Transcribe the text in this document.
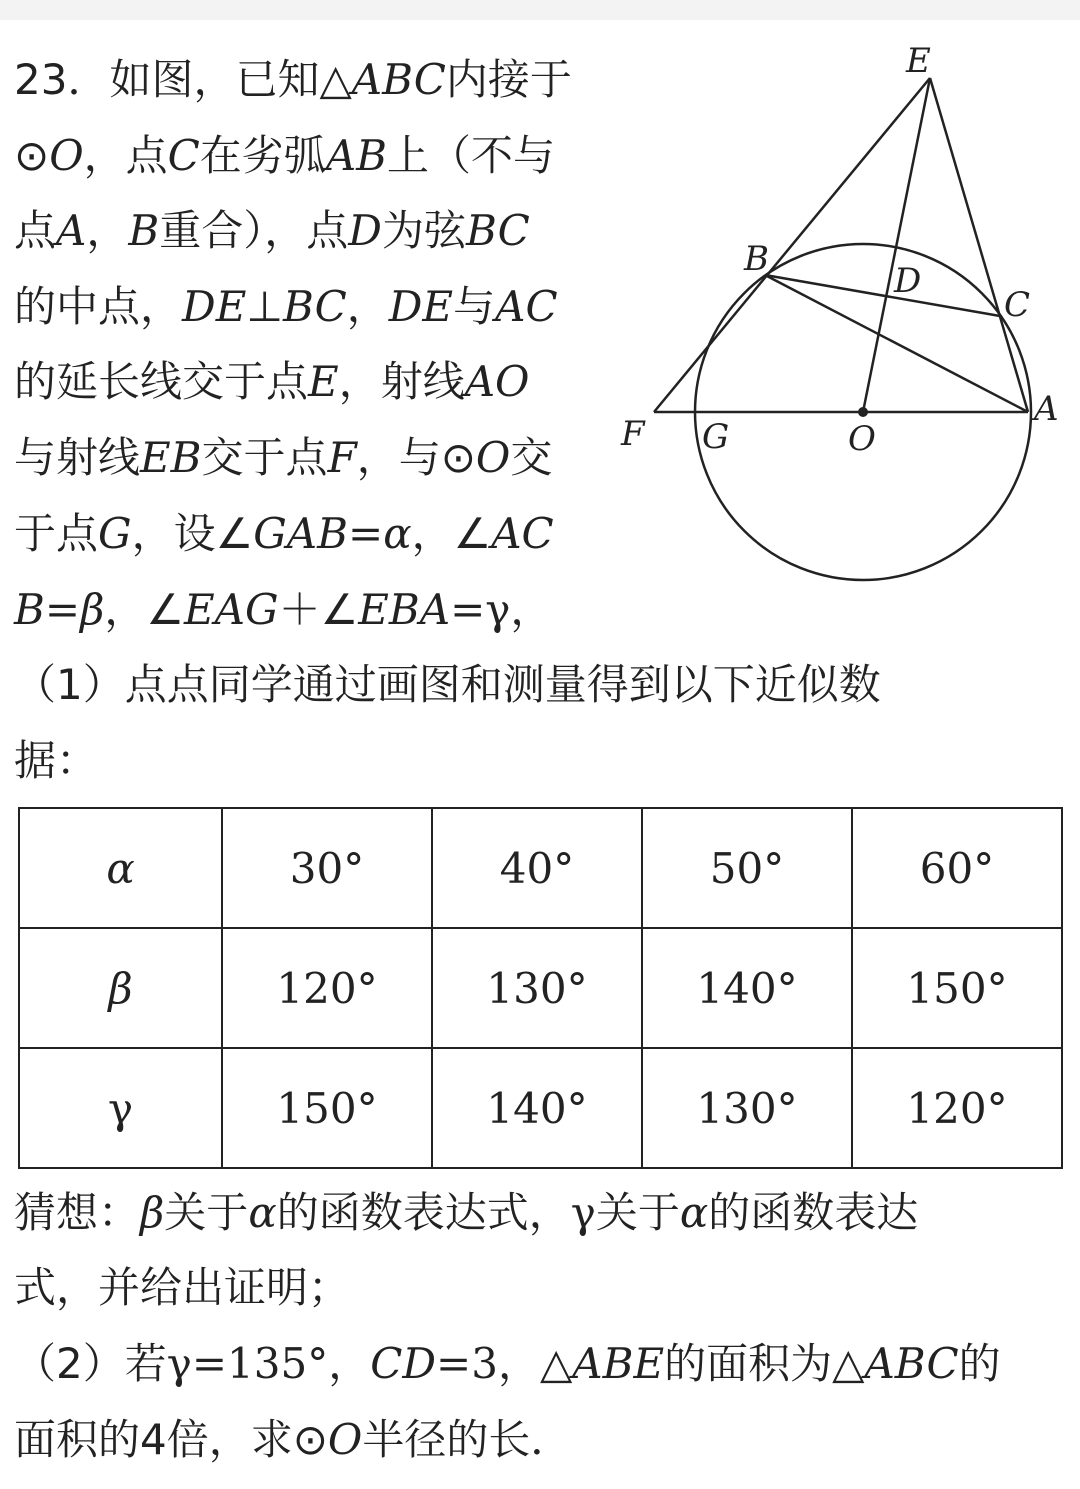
23．如图，已知△ABC内接于
⊙O，点C在劣弧AB上（不与
点A，B重合），点D为弦BC
的中点，DE⊥BC，DE与AC
的延长线交于点E，射线AO
与射线EB交于点F，与⊙O交
于点G，设∠GAB=α，∠AC
B=β，∠EAG＋∠EBA=γ，
（1）点点同学通过画图和测量得到以下近似数
据：
E
B
D
C
F G	O
A
α	30°	40°	50°	60°
β	120°	130°	140°	150°
γ	150°	140°	130°	120°
猜想：β关于α的函数表达式，γ关于α的函数表达
式，并给出证明；
（2）若γ=135°，CD=3，△ABE的面积为△ABC的
面积的4倍，求⊙O半径的长．
